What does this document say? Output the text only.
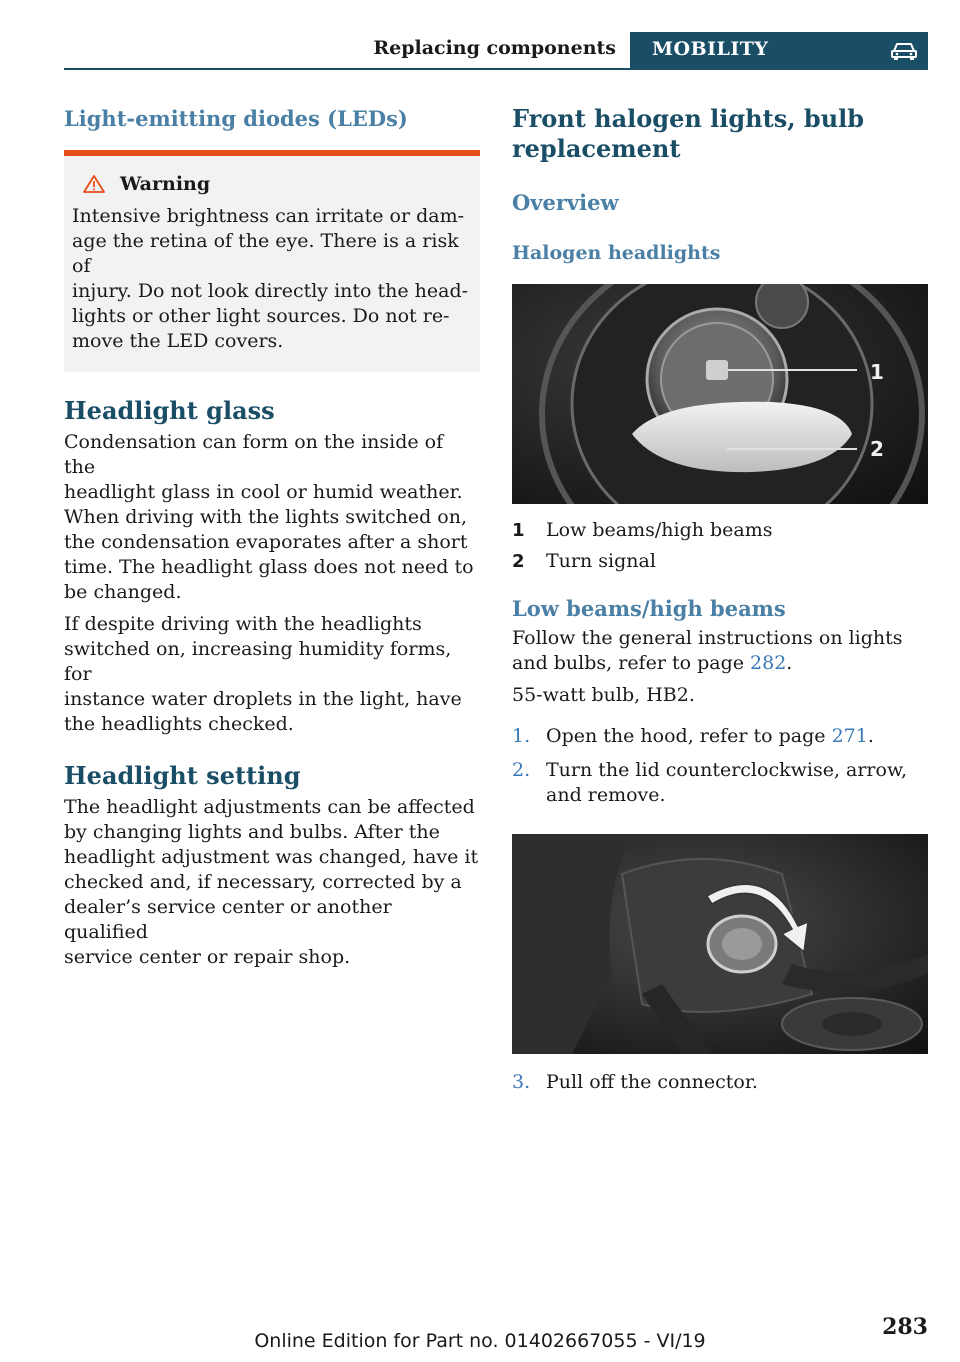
Replacing components MOBILITY
Light-emitting diodes (LEDs)
Warning

Intensive brightness can irritate or dam-

age the retina of the eye. There is a risk of

injury. Do not look directly into the head-

lights or other light sources. Do not re-

move the LED covers.

Headlight glass

Condensation can form on the inside of the

headlight glass in cool or humid weather.

When driving with the lights switched on,

the condensation evaporates after a short

time. The headlight glass does not need to

be changed.

If despite driving with the headlights

switched on, increasing humidity forms, for

instance water droplets in the light, have

the headlights checked.

Headlight setting

The headlight adjustments can be affected

by changing lights and bulbs. After the

headlight adjustment was changed, have it

checked and, if necessary, corrected by a

dealer’s service center or another qualified

service center or repair shop.

Front halogen lights, bulb
replacement
Overview
Halogen headlights
1
2
1	Low beams/high beams
2	Turn signal
Low beams/high beams

Follow the general instructions on lights

and bulbs, refer to page 282.

55-watt bulb, HB2.

1. Open the hood, refer to page 271.
2. Turn the lid counterclockwise, arrow,
and remove.
3. Pull off the connector.
283
Online Edition for Part no. 01402667055 - VI/19
